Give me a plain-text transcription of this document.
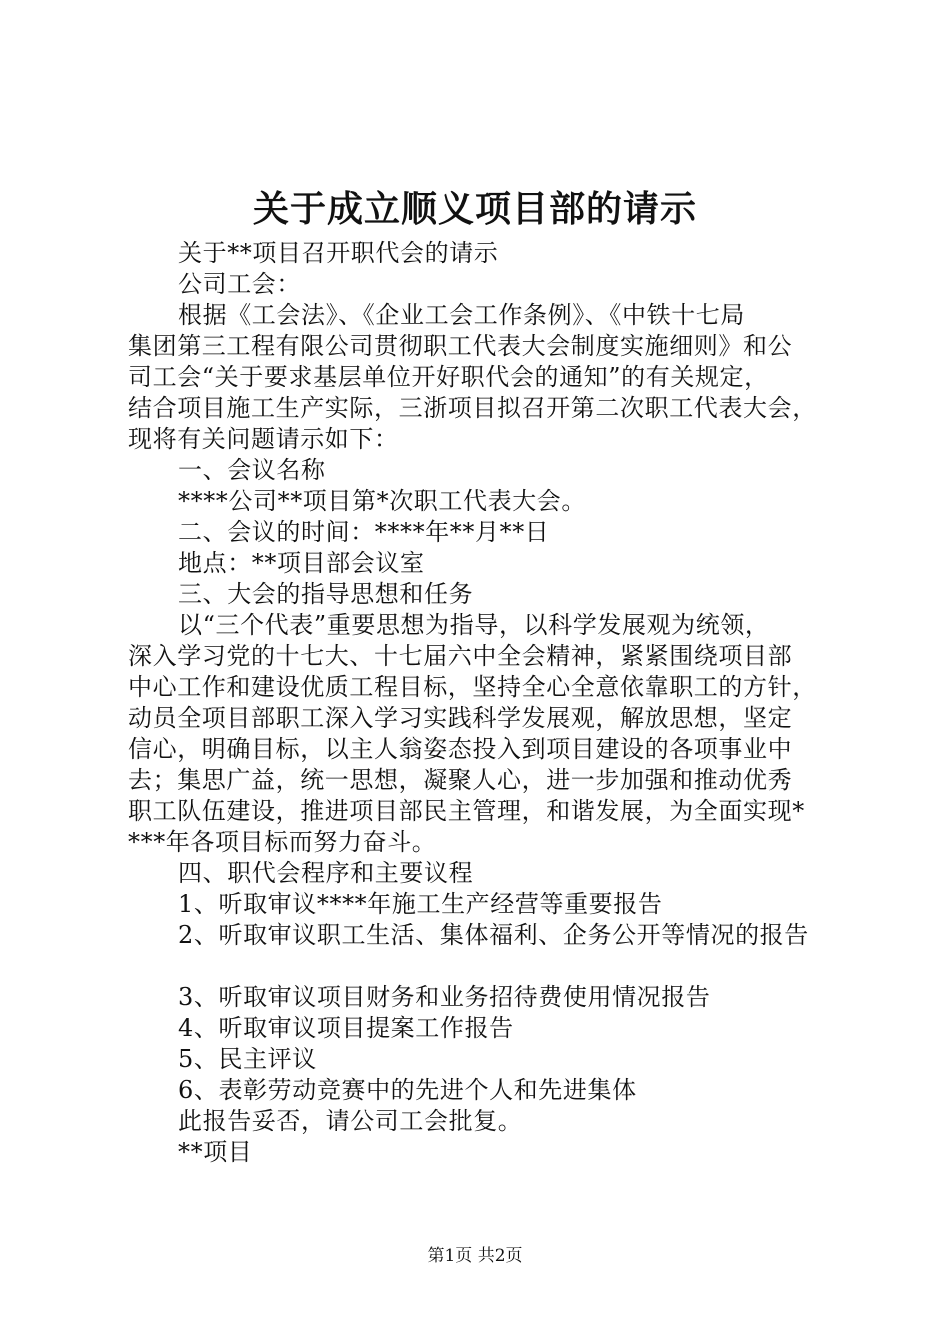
关于成立顺义项目部的请示
关于**项目召开职代会的请示
公司工会：
根据《工会法》、《企业工会工作条例》、《中铁十七局
集团第三工程有限公司贯彻职工代表大会制度实施细则》和公
司工会“关于要求基层单位开好职代会的通知”的有关规定，
结合项目施工生产实际，三浙项目拟召开第二次职工代表大会，
现将有关问题请示如下：
一、会议名称
****公司**项目第*次职工代表大会。
二、会议的时间：****年**月**日
地点：**项目部会议室
三、大会的指导思想和任务
以“三个代表”重要思想为指导，以科学发展观为统领，
深入学习党的十七大、十七届六中全会精神，紧紧围绕项目部
中心工作和建设优质工程目标，坚持全心全意依靠职工的方针，
动员全项目部职工深入学习实践科学发展观，解放思想，坚定
信心，明确目标，以主人翁姿态投入到项目建设的各项事业中
去；集思广益，统一思想，凝聚人心，进一步加强和推动优秀
职工队伍建设，推进项目部民主管理，和谐发展，为全面实现*
***年各项目标而努力奋斗。
四、职代会程序和主要议程
1、听取审议****年施工生产经营等重要报告
2、听取审议职工生活、集体福利、企务公开等情况的报告
3、听取审议项目财务和业务招待费使用情况报告
4、听取审议项目提案工作报告
5、民主评议
6、表彰劳动竞赛中的先进个人和先进集体
此报告妥否，请公司工会批复。
**项目
第1页 共2页
